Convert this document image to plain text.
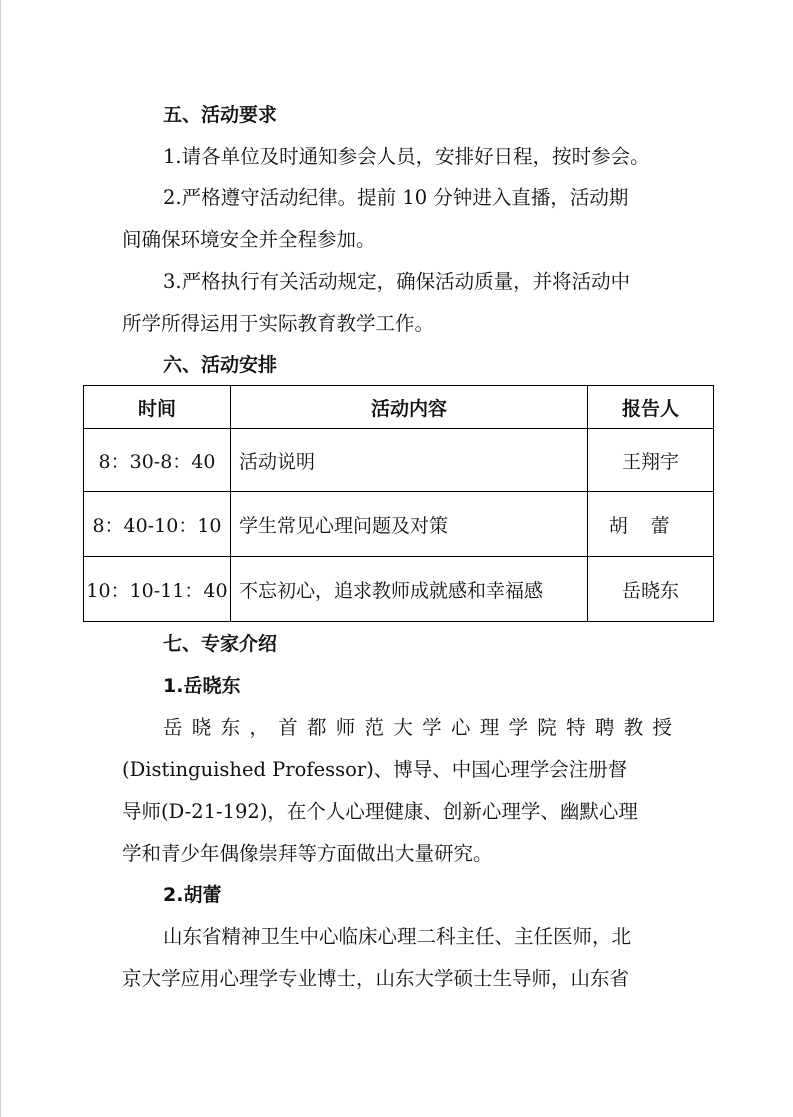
五、活动要求
1.请各单位及时通知参会人员，安排好日程，按时参会。
2.严格遵守活动纪律。提前 10 分钟进入直播，活动期
间确保环境安全并全程参加。
3.严格执行有关活动规定，确保活动质量，并将活动中
所学所得运用于实际教育教学工作。
六、活动安排
时间	活动内容	报告人
8：30-8：40	活动说明	王翔宇
8：40-10：10	学生常见心理问题及对策	胡蕾
10：10-11：40	不忘初心，追求教师成就感和幸福感	岳晓东
七、专家介绍
1.岳晓东
岳晓东，首都师范大学心理学院特聘教授
(Distinguished Professor)、博导、中国心理学会注册督
导师(D-21-192)，在个人心理健康、创新心理学、幽默心理
学和青少年偶像崇拜等方面做出大量研究。
2.胡蕾
山东省精神卫生中心临床心理二科主任、主任医师，北
京大学应用心理学专业博士，山东大学硕士生导师，山东省
